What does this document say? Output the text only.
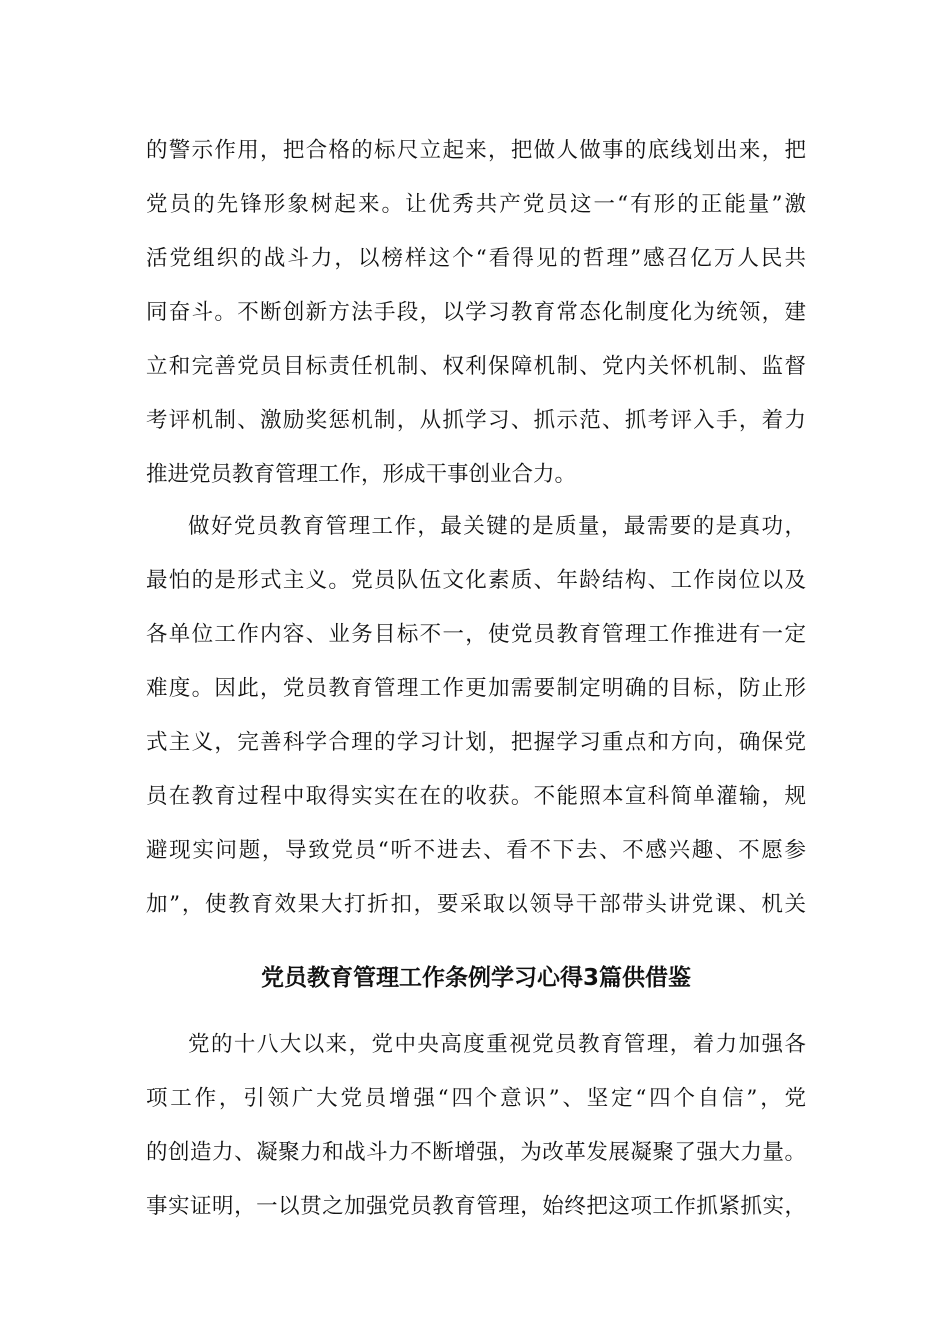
的警示作用，把合格的标尺立起来，把做人做事的底线划出来，把
党员的先锋形象树起来。让优秀共产党员这一“有形的正能量”激
活党组织的战斗力，以榜样这个“看得见的哲理”感召亿万人民共
同奋斗。不断创新方法手段，以学习教育常态化制度化为统领，建
立和完善党员目标责任机制、权利保障机制、党内关怀机制、监督
考评机制、激励奖惩机制，从抓学习、抓示范、抓考评入手，着力
推进党员教育管理工作，形成干事创业合力。
做好党员教育管理工作，最关键的是质量，最需要的是真功，
最怕的是形式主义。党员队伍文化素质、年龄结构、工作岗位以及
各单位工作内容、业务目标不一，使党员教育管理工作推进有一定
难度。因此，党员教育管理工作更加需要制定明确的目标，防止形
式主义，完善科学合理的学习计划，把握学习重点和方向，确保党
员在教育过程中取得实实在在的收获。不能照本宣科简单灌输，规
避现实问题，导致党员“听不进去、看不下去、不感兴趣、不愿参
加”，使教育效果大打折扣，要采取以领导干部带头讲党课、机关
党员教育管理工作条例学习心得3篇供借鉴
党的十八大以来，党中央高度重视党员教育管理，着力加强各
项工作，引领广大党员增强“四个意识”、坚定“四个自信”，党
的创造力、凝聚力和战斗力不断增强，为改革发展凝聚了强大力量。
事实证明，一以贯之加强党员教育管理，始终把这项工作抓紧抓实，
